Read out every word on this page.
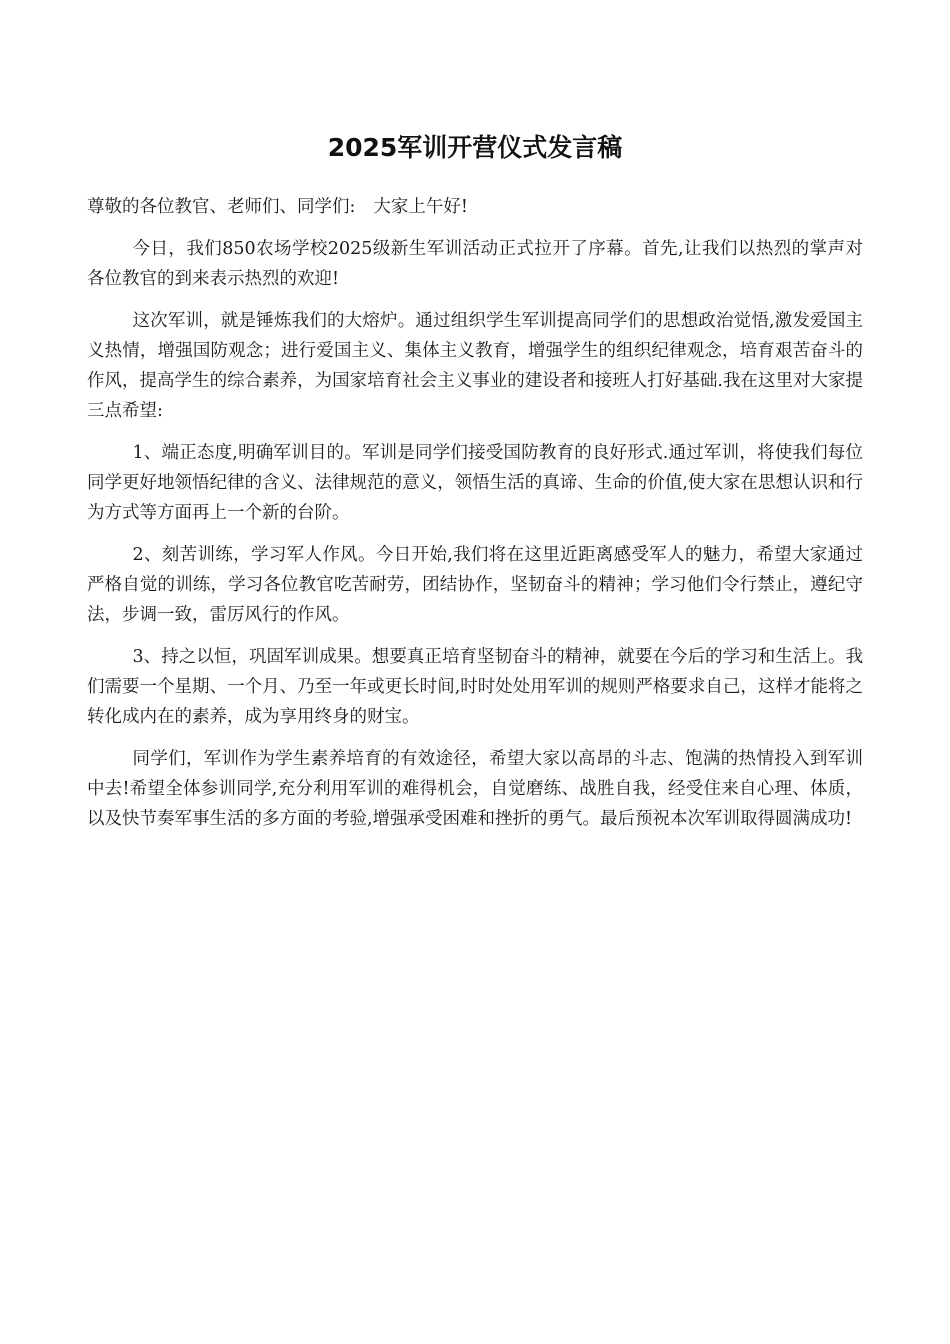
2025军训开营仪式发言稿

尊敬的各位教官、老师们、同学们: 大家上午好!

今日，我们850农场学校2025级新生军训活动正式拉开了序幕。首先,让我们以热烈的掌声对各位教官的到来表示热烈的欢迎!

这次军训，就是锤炼我们的大熔炉。通过组织学生军训提高同学们的思想政治觉悟,激发爱国主义热情，增强国防观念；进行爱国主义、集体主义教育，增强学生的组织纪律观念，培育艰苦奋斗的作风，提高学生的综合素养，为国家培育社会主义事业的建设者和接班人打好基础.我在这里对大家提三点希望:

1、端正态度,明确军训目的。军训是同学们接受国防教育的良好形式.通过军训，将使我们每位同学更好地领悟纪律的含义、法律规范的意义，领悟生活的真谛、生命的价值,使大家在思想认识和行为方式等方面再上一个新的台阶。

2、刻苦训练，学习军人作风。今日开始,我们将在这里近距离感受军人的魅力，希望大家通过严格自觉的训练，学习各位教官吃苦耐劳，团结协作，坚韧奋斗的精神；学习他们令行禁止，遵纪守法，步调一致，雷厉风行的作风。

3、持之以恒，巩固军训成果。想要真正培育坚韧奋斗的精神，就要在今后的学习和生活上。我们需要一个星期、一个月、乃至一年或更长时间,时时处处用军训的规则严格要求自己，这样才能将之转化成内在的素养，成为享用终身的财宝。

同学们，军训作为学生素养培育的有效途径，希望大家以高昂的斗志、饱满的热情投入到军训中去!希望全体参训同学,充分利用军训的难得机会，自觉磨练、战胜自我，经受住来自心理、体质，以及快节奏军事生活的多方面的考验,增强承受困难和挫折的勇气。最后预祝本次军训取得圆满成功!
